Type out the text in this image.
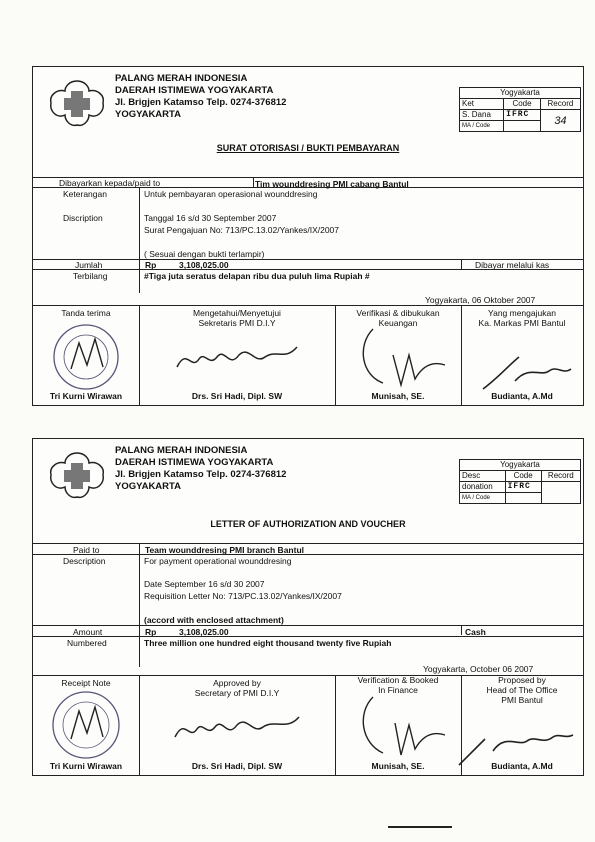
PALANG MERAH INDONESIA
DAERAH ISTIMEWA YOGYAKARTA
Jl. Brigjen Katamso Telp. 0274-376812
YOGYAKARTA
Yogyakarta		
Ket	Code	Record
S. Dana	IFRC	34
MA / Code		
SURAT OTORISASI / BUKTI PEMBAYARAN
Dibayarkan kepada/paid to	Tim wounddresing PMI cabang Bantul
Keterangan	Untuk pembayaran operasional wounddresing
Discription	Tanggal 16 s/d 30 September 2007
Surat Pengajuan No: 713/PC.13.02/Yankes/IX/2007
( Sesuai dengan bukti terlampir)
Jumlah	Rp	3,108,025.00	Dibayar melalui kas
Terbilang	#Tiga juta seratus delapan ribu dua puluh lima Rupiah #
Yogyakarta, 06 Oktober 2007
Tanda terima
Tri Kurni Wirawan
Mengetahui/Menyetujui
Sekretaris PMI D.I.Y
Drs. Sri Hadi, Dipl. SW
Verifikasi & dibukukan
Keuangan
Munisah, SE.
Yang mengajukan
Ka. Markas PMI Bantul
Budianta, A.Md
PALANG MERAH INDONESIA
DAERAH ISTIMEWA YOGYAKARTA
Jl. Brigjen Katamso Telp. 0274-376812
YOGYAKARTA
Yogyakarta		
Desc	Code	Record
donation	IFRC	
MA / Code		
LETTER OF AUTHORIZATION AND VOUCHER
Paid to	Team wounddresing PMI branch Bantul
Description	For payment operational wounddresing
Date September 16 s/d 30 2007
Requisition Letter No: 713/PC.13.02/Yankes/IX/2007
(accord with enclosed attachment)
Amount	Rp	3,108,025.00	Cash
Numbered	Three million one hundred eight thousand twenty five Rupiah
Yogyakarta, October 06 2007
Receipt Note
Tri Kurni Wirawan
Approved by
Secretary of PMI D.I.Y
Drs. Sri Hadi, Dipl. SW
Verification & Booked
In Finance
Munisah, SE.
Proposed by
Head of The Office
PMI Bantul
Budianta, A.Md
